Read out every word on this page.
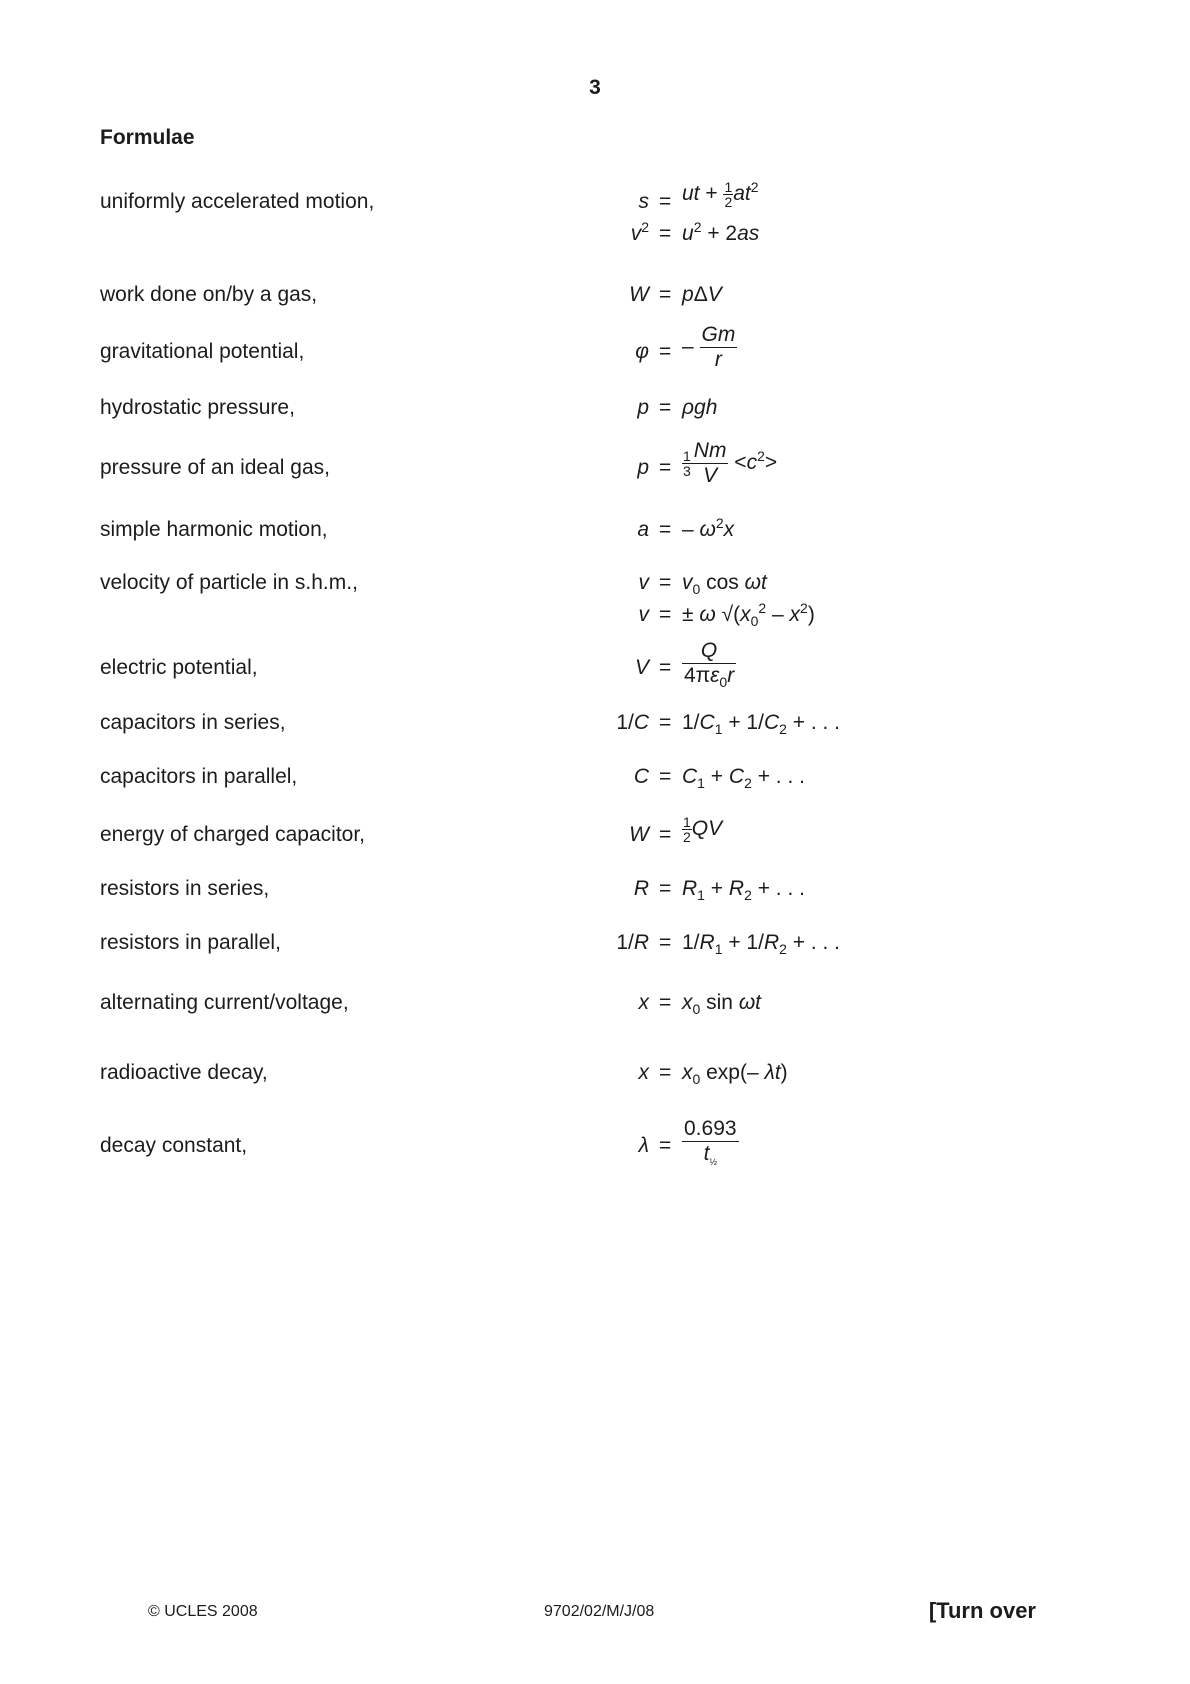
3
Formulae
uniformly accelerated motion,	s = ut + $\frac{1}{2} at^2$
$v^2 = u^2 + 2as$
work done on/by a gas,	W = pΔV
gravitational potential,	φ = – $\frac{Gm}{r}$
hydrostatic pressure,	p = ρgh
pressure of an ideal gas,	$p = \frac{1}{3} \frac{Nm}{V} <c^2>$
simple harmonic motion,	a = – $\omega^2x$
velocity of particle in s.h.m.,	$v = v_0$ cos ωt
v = ± ω $√(x_0^2 - x^2)$
electric potential,	$V = \frac{Q}{4\pi\varepsilon_0r}$
capacitors in series,	$1/C = 1/C_1 + 1/C_2$ + . . .
capacitors in parallel,	$C = C_1 + C_2$ + . . .
energy of charged capacitor,	$W = \frac{1}{2}$ QV
resistors in series,	$R = R_1 + R_2$ + . . .
resistors in parallel,	$1/R = 1/R_1 + 1/R_2$ + . . .
alternating current/voltage,	$x = x_0$ sin ωt
radioactive decay,	$x = x_0$ exp(– λt)
decay constant,	$\lambda = \frac{0.693}{t_{\frac{1}{2}}}$
© UCLES 2008	9702/02/M/J/08	[Turn over
